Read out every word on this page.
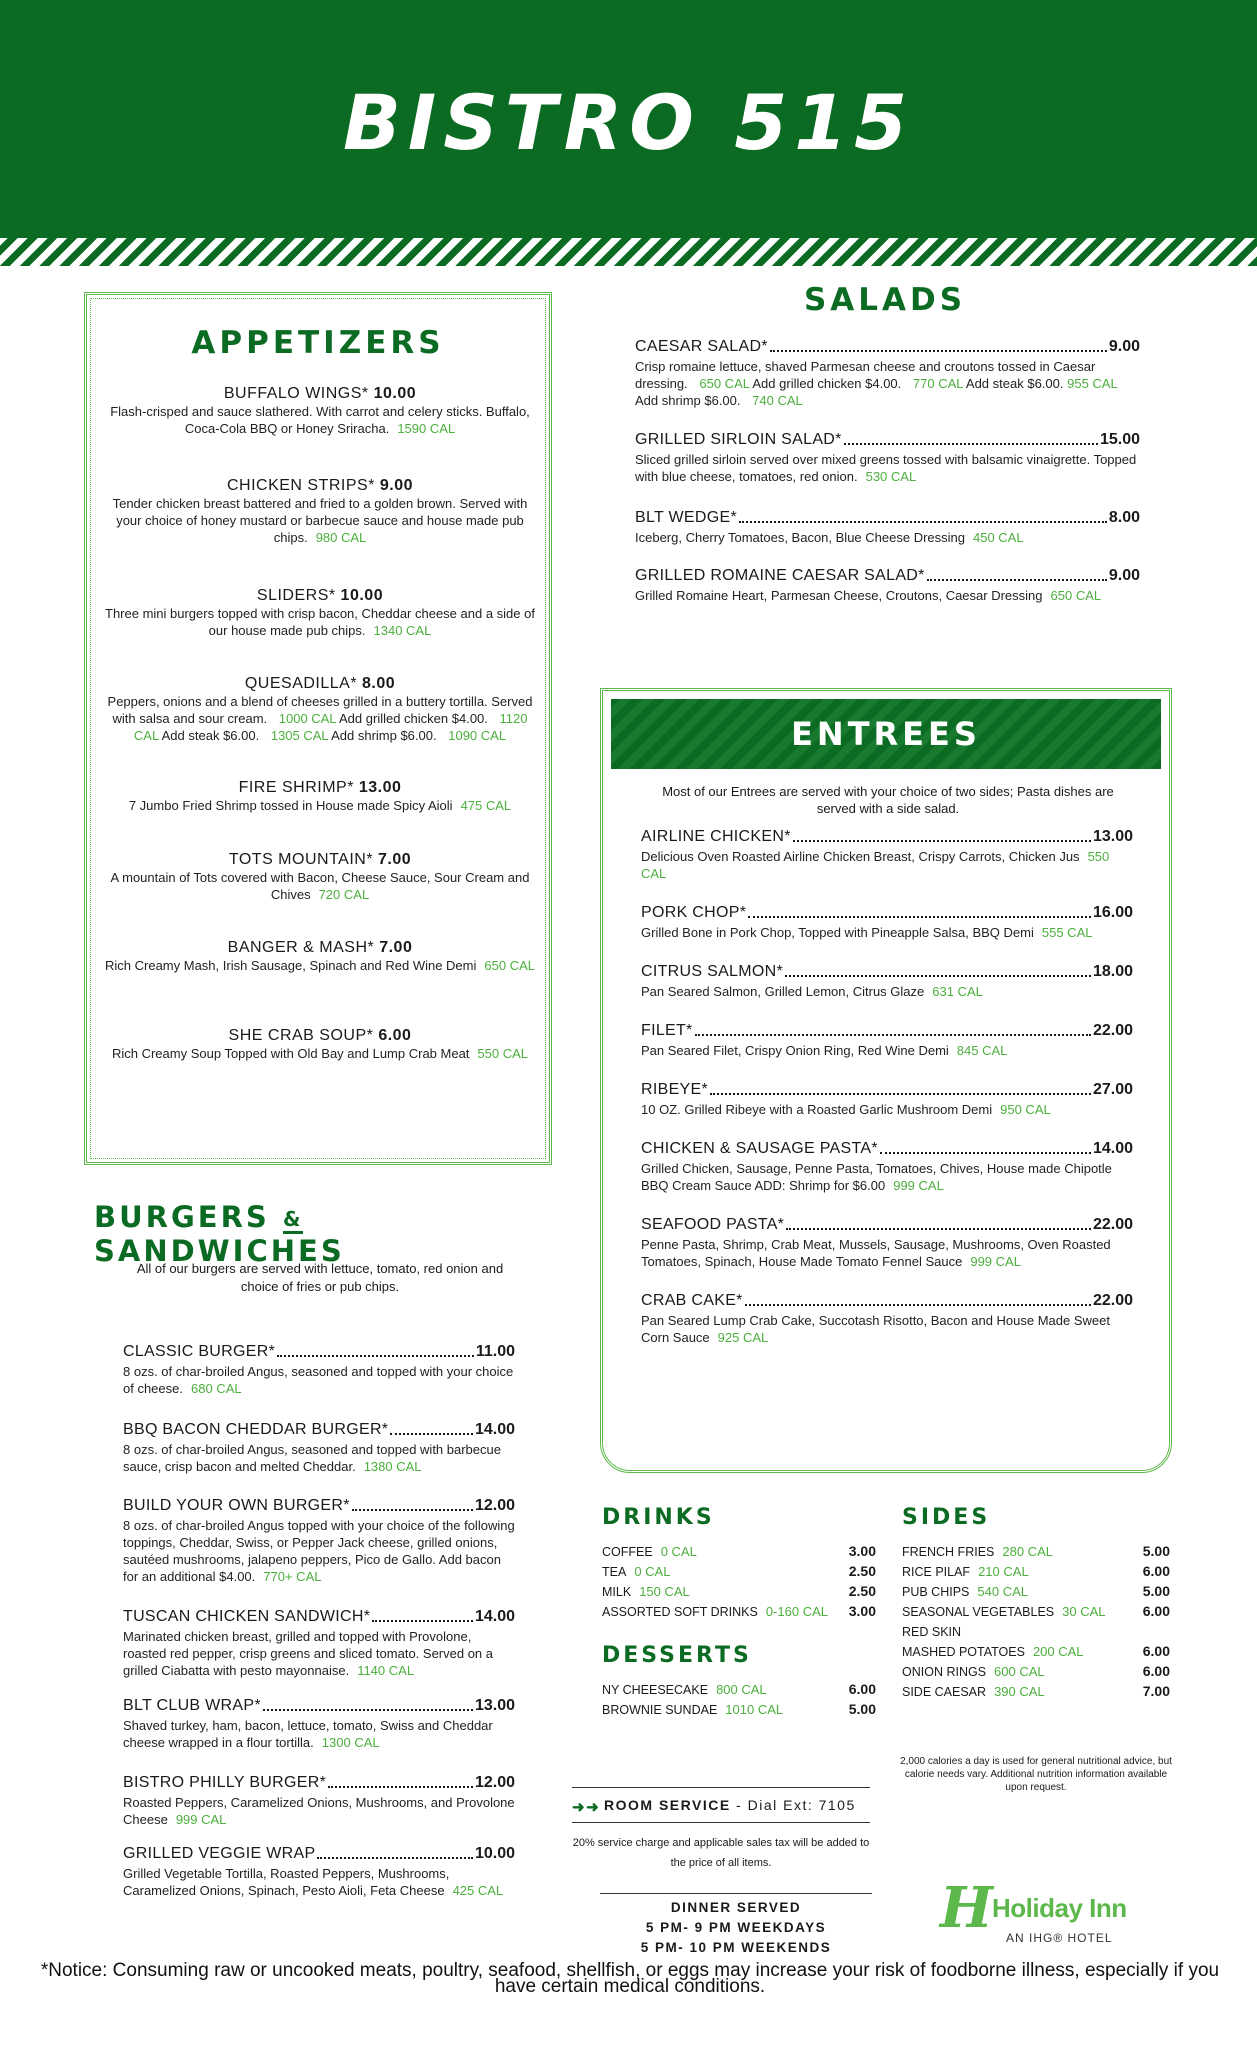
BISTRO 515
APPETIZERS
BUFFALO WINGS* 10.00
Flash-crisped and sauce slathered. With carrot and celery sticks. Buffalo, Coca-Cola BBQ or Honey Sriracha. 1590 CAL
CHICKEN STRIPS* 9.00
Tender chicken breast battered and fried to a golden brown. Served with your choice of honey mustard or barbecue sauce and house made pub chips. 980 CAL
SLIDERS* 10.00
Three mini burgers topped with crisp bacon, Cheddar cheese and a side of our house made pub chips. 1340 CAL
QUESADILLA* 8.00
Peppers, onions and a blend of cheeses grilled in a buttery tortilla. Served with salsa and sour cream. 1000 CAL Add grilled chicken $4.00. 1120 CAL Add steak $6.00. 1305 CAL Add shrimp $6.00. 1090 CAL
FIRE SHRIMP* 13.00
7 Jumbo Fried Shrimp tossed in House made Spicy Aioli 475 CAL
TOTS MOUNTAIN* 7.00
A mountain of Tots covered with Bacon, Cheese Sauce, Sour Cream and Chives 720 CAL
BANGER & MASH* 7.00
Rich Creamy Mash, Irish Sausage, Spinach and Red Wine Demi 650 CAL
SHE CRAB SOUP* 6.00
Rich Creamy Soup Topped with Old Bay and Lump Crab Meat 550 CAL
SALADS
CAESAR SALAD*	9.00
Crisp romaine lettuce, shaved Parmesan cheese and croutons tossed in Caesar dressing. 650 CAL Add grilled chicken $4.00. 770 CAL Add steak $6.00. 955 CAL Add shrimp $6.00. 740 CAL
GRILLED SIRLOIN SALAD*	15.00
Sliced grilled sirloin served over mixed greens tossed with balsamic vinaigrette. Topped with blue cheese, tomatoes, red onion. 530 CAL
BLT WEDGE*	8.00
Iceberg, Cherry Tomatoes, Bacon, Blue Cheese Dressing 450 CAL
GRILLED ROMAINE CAESAR SALAD*	9.00
Grilled Romaine Heart, Parmesan Cheese, Croutons, Caesar Dressing 650 CAL
ENTREES
Most of our Entrees are served with your choice of two sides; Pasta dishes are served with a side salad.
AIRLINE CHICKEN*	13.00
Delicious Oven Roasted Airline Chicken Breast, Crispy Carrots, Chicken Jus 550 CAL
PORK CHOP*	16.00
Grilled Bone in Pork Chop, Topped with Pineapple Salsa, BBQ Demi 555 CAL
CITRUS SALMON*	18.00
Pan Seared Salmon, Grilled Lemon, Citrus Glaze 631 CAL
FILET*	22.00
Pan Seared Filet, Crispy Onion Ring, Red Wine Demi 845 CAL
RIBEYE*	27.00
10 OZ. Grilled Ribeye with a Roasted Garlic Mushroom Demi 950 CAL
CHICKEN & SAUSAGE PASTA*	14.00
Grilled Chicken, Sausage, Penne Pasta, Tomatoes, Chives, House made Chipotle BBQ Cream Sauce ADD: Shrimp for $6.00 999 CAL
SEAFOOD PASTA*	22.00
Penne Pasta, Shrimp, Crab Meat, Mussels, Sausage, Mushrooms, Oven Roasted Tomatoes, Spinach, House Made Tomato Fennel Sauce 999 CAL
CRAB CAKE*	22.00
Pan Seared Lump Crab Cake, Succotash Risotto, Bacon and House Made Sweet Corn Sauce 925 CAL
BURGERS & SANDWICHES
All of our burgers are served with lettuce, tomato, red onion and choice of fries or pub chips.
CLASSIC BURGER*	11.00
8 ozs. of char-broiled Angus, seasoned and topped with your choice of cheese. 680 CAL
BBQ BACON CHEDDAR BURGER*	14.00
8 ozs. of char-broiled Angus, seasoned and topped with barbecue sauce, crisp bacon and melted Cheddar. 1380 CAL
BUILD YOUR OWN BURGER*	12.00
8 ozs. of char-broiled Angus topped with your choice of the following toppings, Cheddar, Swiss, or Pepper Jack cheese, grilled onions, sautéed mushrooms, jalapeno peppers, Pico de Gallo. Add bacon for an additional $4.00. 770+ CAL
TUSCAN CHICKEN SANDWICH*	14.00
Marinated chicken breast, grilled and topped with Provolone, roasted red pepper, crisp greens and sliced tomato. Served on a grilled Ciabatta with pesto mayonnaise. 1140 CAL
BLT CLUB WRAP*	13.00
Shaved turkey, ham, bacon, lettuce, tomato, Swiss and Cheddar cheese wrapped in a flour tortilla. 1300 CAL
BISTRO PHILLY BURGER*	12.00
Roasted Peppers, Caramelized Onions, Mushrooms, and Provolone Cheese 999 CAL
GRILLED VEGGIE WRAP	10.00
Grilled Vegetable Tortilla, Roasted Peppers, Mushrooms, Caramelized Onions, Spinach, Pesto Aioli, Feta Cheese 425 CAL
DRINKS
COFFEE 0 CAL	3.00
TEA 0 CAL	2.50
MILK 150 CAL	2.50
ASSORTED SOFT DRINKS 0-160 CAL 3.00
DESSERTS
NY CHEESECAKE 800 CAL	6.00
BROWNIE SUNDAE 1010 CAL	5.00
SIDES
FRENCH FRIES 280 CAL	5.00
RICE PILAF 210 CAL	6.00
PUB CHIPS 540 CAL	5.00
SEASONAL VEGETABLES 30 CAL	6.00
RED SKIN
MASHED POTATOES 200 CAL	6.00
ONION RINGS 600 CAL	6.00
SIDE CAESAR 390 CAL	7.00
2,000 calories a day is used for general nutritional advice, but calorie needs vary. Additional nutrition information available upon request.
➜➜ ROOM SERVICE - Dial Ext: 7105
20% service charge and applicable sales tax will be added to the price of all items.
DINNER SERVED
5 PM- 9 PM WEEKDAYS
5 PM- 10 PM WEEKENDS
H Holiday Inn
AN IHG® HOTEL
*Notice: Consuming raw or uncooked meats, poultry, seafood, shellfish, or eggs may increase your risk of foodborne illness, especially if you have certain medical conditions.
